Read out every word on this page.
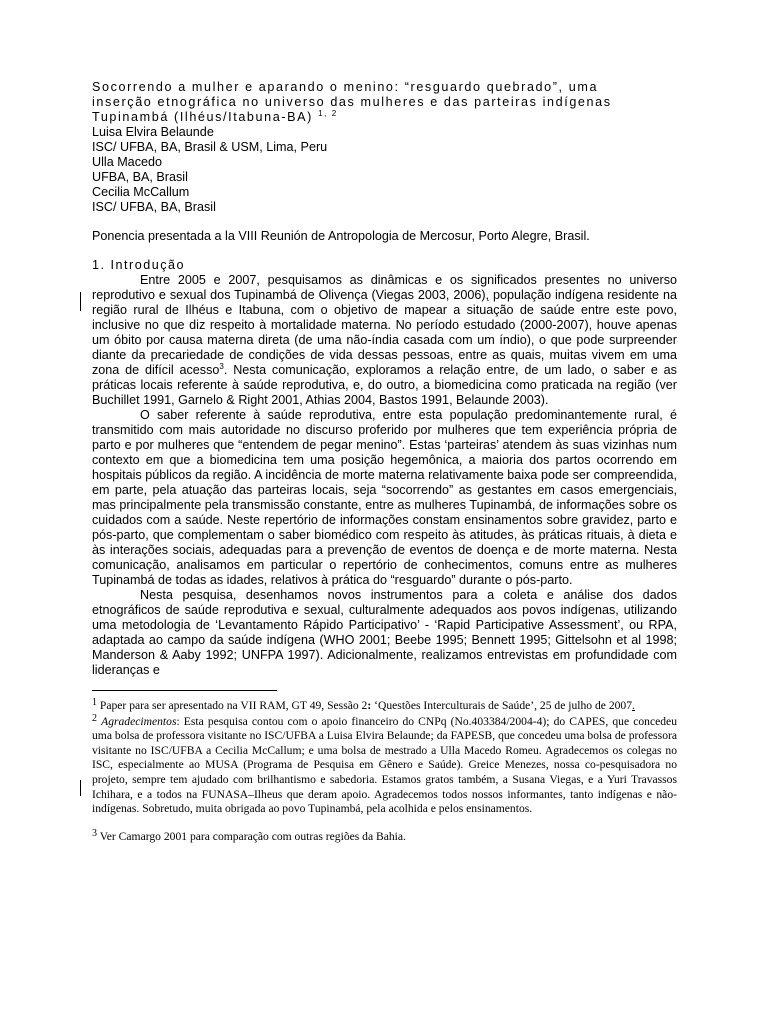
Socorrendo a mulher e aparando o menino: “resguardo quebrado”, uma
inserção etnográfica no universo das mulheres e das parteiras indígenas
Tupinambá (Ilhéus/Itabuna-BA) $^{1, 2}$
Luisa Elvira Belaunde
ISC/ UFBA, BA, Brasil & USM, Lima, Peru
Ulla Macedo
UFBA, BA, Brasil
Cecilia McCallum
ISC/ UFBA, BA, Brasil
Ponencia presentada a la VIII Reunión de Antropologia de Mercosur, Porto Alegre, Brasil.
1. Introdução

Entre 2005 e 2007, pesquisamos as dinâmicas e os significados presentes no universo reprodutivo e sexual dos Tupinambá de Olivença (Viegas 2003, 2006), população indígena residente na região rural de Ilhéus e Itabuna, com o objetivo de mapear a situação de saúde entre este povo, inclusive no que diz respeito à mortalidade materna. No período estudado (2000-2007), houve apenas um óbito por causa materna direta (de uma não-índia casada com um índio), o que pode surpreender diante da precariedade de condições de vida dessas pessoas, entre as quais, muitas vivem em uma zona de difícil acesso$^3$. Nesta comunicação, exploramos a relação entre, de um lado, o saber e as práticas locais referente à saúde reprodutiva, e, do outro, a biomedicina como praticada na região (ver Buchillet 1991, Garnelo & Right 2001, Athias 2004, Bastos 1991, Belaunde 2003).

O saber referente à saúde reprodutiva, entre esta população predominantemente rural, é transmitido com mais autoridade no discurso proferido por mulheres que tem experiência própria de parto e por mulheres que “entendem de pegar menino”. Estas ‘parteiras’ atendem às suas vizinhas num contexto em que a biomedicina tem uma posição hegemônica, a maioria dos partos ocorrendo em hospitais públicos da região. A incidência de morte materna relativamente baixa pode ser compreendida, em parte, pela atuação das parteiras locais, seja “socorrendo” as gestantes em casos emergenciais, mas principalmente pela transmissão constante, entre as mulheres Tupinambá, de informações sobre os cuidados com a saúde. Neste repertório de informações constam ensinamentos sobre gravidez, parto e pós-parto, que complementam o saber biomédico com respeito às atitudes, às práticas rituais, à dieta e às interações sociais, adequadas para a prevenção de eventos de doença e de morte materna. Nesta comunicação, analisamos em particular o repertório de conhecimentos, comuns entre as mulheres Tupinambá de todas as idades, relativos à prática do “resguardo” durante o pós-parto.

Nesta pesquisa, desenhamos novos instrumentos para a coleta e análise dos dados etnográficos de saúde reprodutiva e sexual, culturalmente adequados aos povos indígenas, utilizando uma metodologia de ‘Levantamento Rápido Participativo’ - ‘Rapid Participative Assessment’, ou RPA, adaptada ao campo da saúde indígena (WHO 2001; Beebe 1995; Bennett 1995; Gittelsohn et al 1998; Manderson & Aaby 1992; UNFPA 1997). Adicionalmente, realizamos entrevistas em profundidade com lideranças e

$^1$ Paper para ser apresentado na VII RAM, GT 49, Sessão 2: ‘Questões Interculturais de Saúde’, 25 de julho de 2007.

$^2$ Agradecimentos: Esta pesquisa contou com o apoio financeiro do CNPq (No.403384/2004-4); do CAPES, que concedeu uma bolsa de professora visitante no ISC/UFBA a Luisa Elvira Belaunde; da FAPESB, que concedeu uma bolsa de professora visitante no ISC/UFBA a Cecilia McCallum; e uma bolsa de mestrado a Ulla Macedo Romeu. Agradecemos os colegas no ISC, especialmente ao MUSA (Programa de Pesquisa em Gênero e Saúde). Greice Menezes, nossa co-pesquisadora no projeto, sempre tem ajudado com brilhantismo e sabedoria. Estamos gratos também, a Susana Viegas, e a Yuri Travassos Ichihara, e a todos na FUNASA–Ilheus que deram apoio. Agradecemos todos nossos informantes, tanto indígenas e não-indígenas. Sobretudo, muita obrigada ao povo Tupinambá, pela acolhida e pelos ensinamentos.

$^3$ Ver Camargo 2001 para comparação com outras regiões da Bahia.
